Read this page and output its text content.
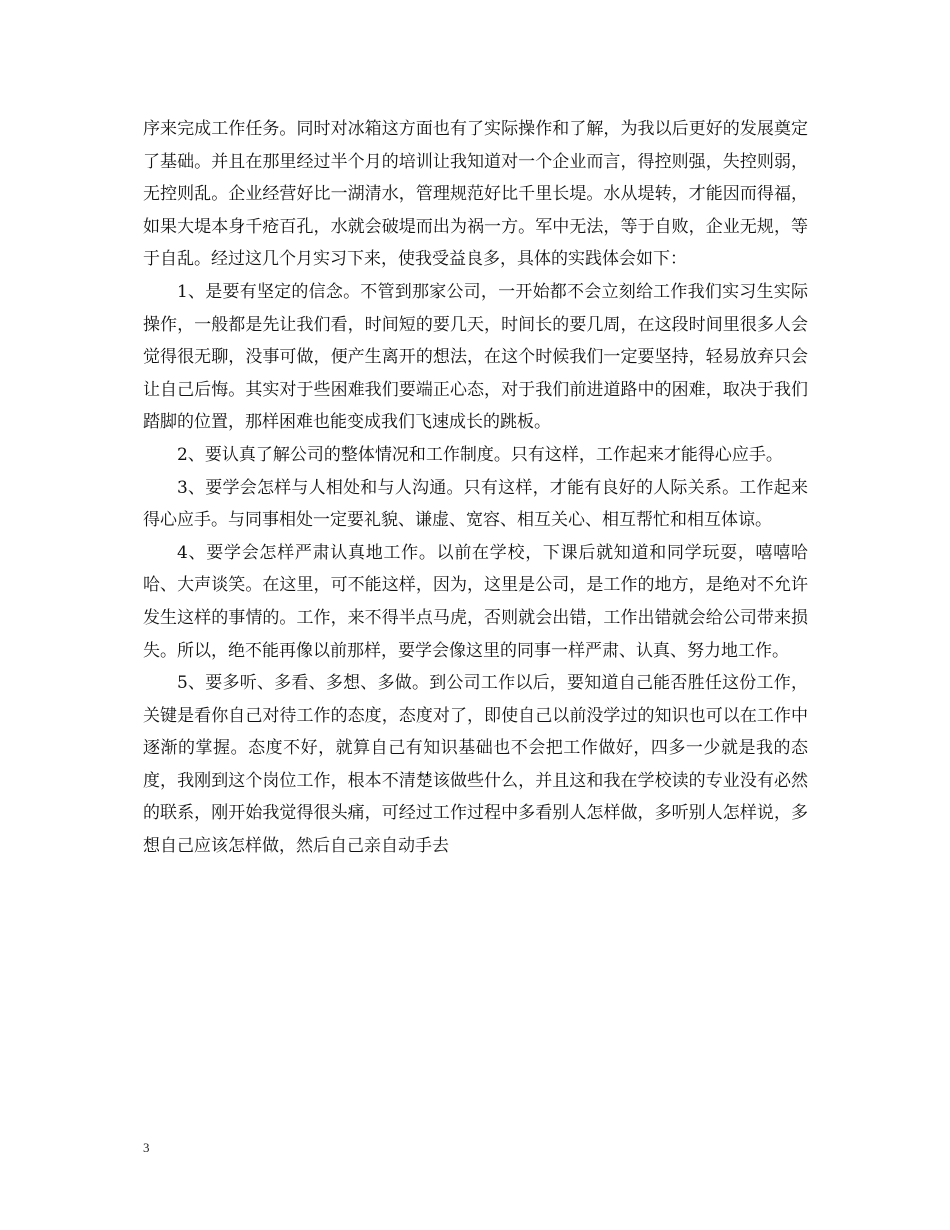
序来完成工作任务。同时对冰箱这方面也有了实际操作和了解，为我以后更好的发展奠定了基础。并且在那里经过半个月的培训让我知道对一个企业而言，得控则强，失控则弱，无控则乱。企业经营好比一湖清水，管理规范好比千里长堤。水从堤转，才能因而得福，如果大堤本身千疮百孔，水就会破堤而出为祸一方。军中无法，等于自败，企业无规，等于自乱。经过这几个月实习下来，使我受益良多，具体的实践体会如下：

1、是要有坚定的信念。不管到那家公司，一开始都不会立刻给工作我们实习生实际操作，一般都是先让我们看，时间短的要几天，时间长的要几周，在这段时间里很多人会觉得很无聊，没事可做，便产生离开的想法，在这个时候我们一定要坚持，轻易放弃只会让自己后悔。其实对于些困难我们要端正心态，对于我们前进道路中的困难，取决于我们踏脚的位置，那样困难也能变成我们飞速成长的跳板。

2、要认真了解公司的整体情况和工作制度。只有这样，工作起来才能得心应手。

3、要学会怎样与人相处和与人沟通。只有这样，才能有良好的人际关系。工作起来得心应手。与同事相处一定要礼貌、谦虚、宽容、相互关心、相互帮忙和相互体谅。

4、要学会怎样严肃认真地工作。以前在学校，下课后就知道和同学玩耍，嘻嘻哈哈、大声谈笑。在这里，可不能这样，因为，这里是公司，是工作的地方，是绝对不允许发生这样的事情的。工作，来不得半点马虎，否则就会出错，工作出错就会给公司带来损失。所以，绝不能再像以前那样，要学会像这里的同事一样严肃、认真、努力地工作。

5、要多听、多看、多想、多做。到公司工作以后，要知道自己能否胜任这份工作，关键是看你自己对待工作的态度，态度对了，即使自己以前没学过的知识也可以在工作中逐渐的掌握。态度不好，就算自己有知识基础也不会把工作做好，四多一少就是我的态度，我刚到这个岗位工作，根本不清楚该做些什么，并且这和我在学校读的专业没有必然的联系，刚开始我觉得很头痛，可经过工作过程中多看别人怎样做，多听别人怎样说，多想自己应该怎样做，然后自己亲自动手去

3
